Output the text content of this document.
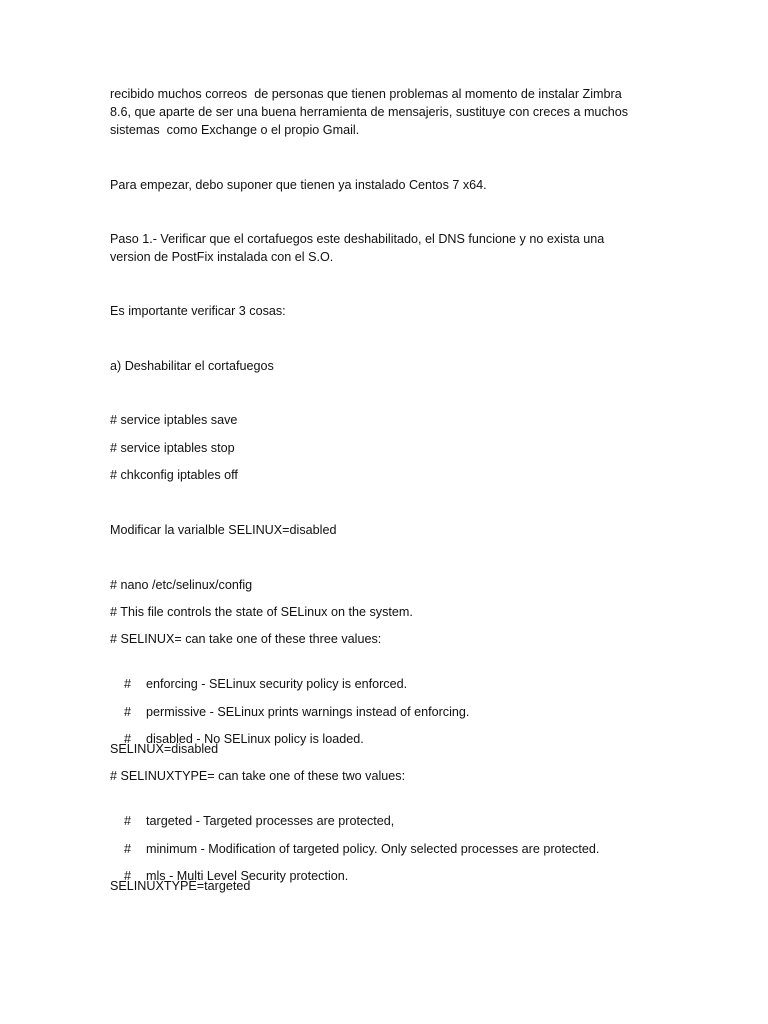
recibido muchos correos  de personas que tienen problemas al momento de instalar Zimbra
8.6, que aparte de ser una buena herramienta de mensajeris, sustituye con creces a muchos
sistemas  como Exchange o el propio Gmail.
Para empezar, debo suponer que tienen ya instalado Centos 7 x64.
Paso 1.- Verificar que el cortafuegos este deshabilitado, el DNS funcione y no exista una
version de PostFix instalada con el S.O.
Es importante verificar 3 cosas:
a) Deshabilitar el cortafuegos
# service iptables save
# service iptables stop
# chkconfig iptables off
Modificar la varialble SELINUX=disabled
# nano /etc/selinux/config
# This file controls the state of SELinux on the system.
# SELINUX= can take one of these three values:

# enforcing - SELinux security policy is enforced.

# permissive - SELinux prints warnings instead of enforcing.

# disabled - No SELinux policy is loaded.

SELINUX=disabled
# SELINUXTYPE= can take one of these two values:

# targeted - Targeted processes are protected,

# minimum - Modification of targeted policy. Only selected processes are protected.

# mls - Multi Level Security protection.

SELINUXTYPE=targeted
